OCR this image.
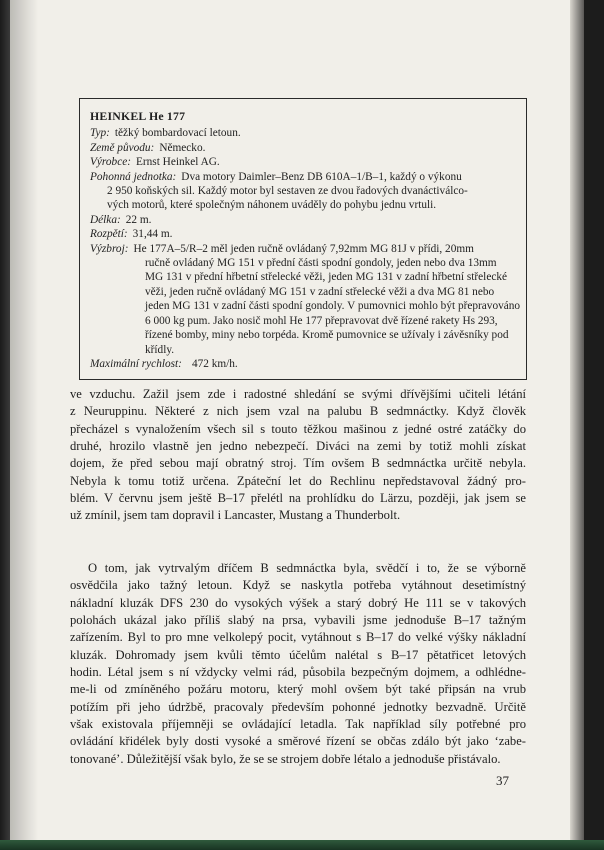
HEINKEL He 177
Typ: těžký bombardovací letoun.
Země původu: Německo.
Výrobce: Ernst Heinkel AG.
Pohonná jednotka: Dva motory Daimler–Benz DB 610A–1/B–1, každý o výkonu
2 950 koňských sil. Každý motor byl sestaven ze dvou řadových dvanáctiválco-
vých motorů, které společným náhonem uváděly do pohybu jednu vrtuli.
Délka: 22 m.
Rozpětí: 31,44 m.
Výzbroj: He 177A–5/R–2 měl jeden ručně ovládaný 7,92mm MG 81J v přídi, 20mm
ručně ovládaný MG 151 v přední části spodní gondoly, jeden nebo dva 13mm
MG 131 v přední hřbetní střelecké věži, jeden MG 131 v zadní hřbetní střelecké
věži, jeden ručně ovládaný MG 151 v zadní střelecké věži a dva MG 81 nebo
jeden MG 131 v zadní části spodní gondoly. V pumovnici mohlo být přepravováno
6 000 kg pum. Jako nosič mohl He 177 přepravovat dvě řízené rakety Hs 293,
řízené bomby, miny nebo torpéda. Kromě pumovnice se užívaly i závěsníky pod
křídly.
Maximální rychlost: 472 km/h.
ve vzduchu. Zažil jsem zde i radostné shledání se svými dřívějšími učiteli létání
z Neuruppinu. Některé z nich jsem vzal na palubu B sedmnáctky. Když člověk
přecházel s vynaložením všech sil s touto těžkou mašinou z jedné ostré zatáčky do
druhé, hrozilo vlastně jen jedno nebezpečí. Diváci na zemi by totiž mohli získat
dojem, že před sebou mají obratný stroj. Tím ovšem B sedmnáctka určitě nebyla.
Nebyla k tomu totiž určena. Zpáteční let do Rechlinu nepředstavoval žádný pro-
blém. V červnu jsem ještě B–17 přelétl na prohlídku do Lärzu, později, jak jsem se
už zmínil, jsem tam dopravil i Lancaster, Mustang a Thunderbolt.
O tom, jak vytrvalým dříčem B sedmnáctka byla, svědčí i to, že se výborně
osvědčila jako tažný letoun. Když se naskytla potřeba vytáhnout desetimístný
nákladní kluzák DFS 230 do vysokých výšek a starý dobrý He 111 se v takových
polohách ukázal jako příliš slabý na prsa, vybavili jsme jednoduše B–17 tažným
zařízením. Byl to pro mne velkolepý pocit, vytáhnout s B–17 do velké výšky nákladní
kluzák. Dohromady jsem kvůli těmto účelům nalétal s B–17 pětatřicet letových
hodin. Létal jsem s ní vždycky velmi rád, působila bezpečným dojmem, a odhlédne-
me-li od zmíněného požáru motoru, který mohl ovšem být také připsán na vrub
potížím při jeho údržbě, pracovaly především pohonné jednotky bezvadně. Určitě
však existovala příjemněji se ovládající letadla. Tak například síly potřebné pro
ovládání křidélek byly dosti vysoké a směrové řízení se občas zdálo být jako ‘zabe-
tonované’. Důležitější však bylo, že se se strojem dobře létalo a jednoduše přistávalo.
37
